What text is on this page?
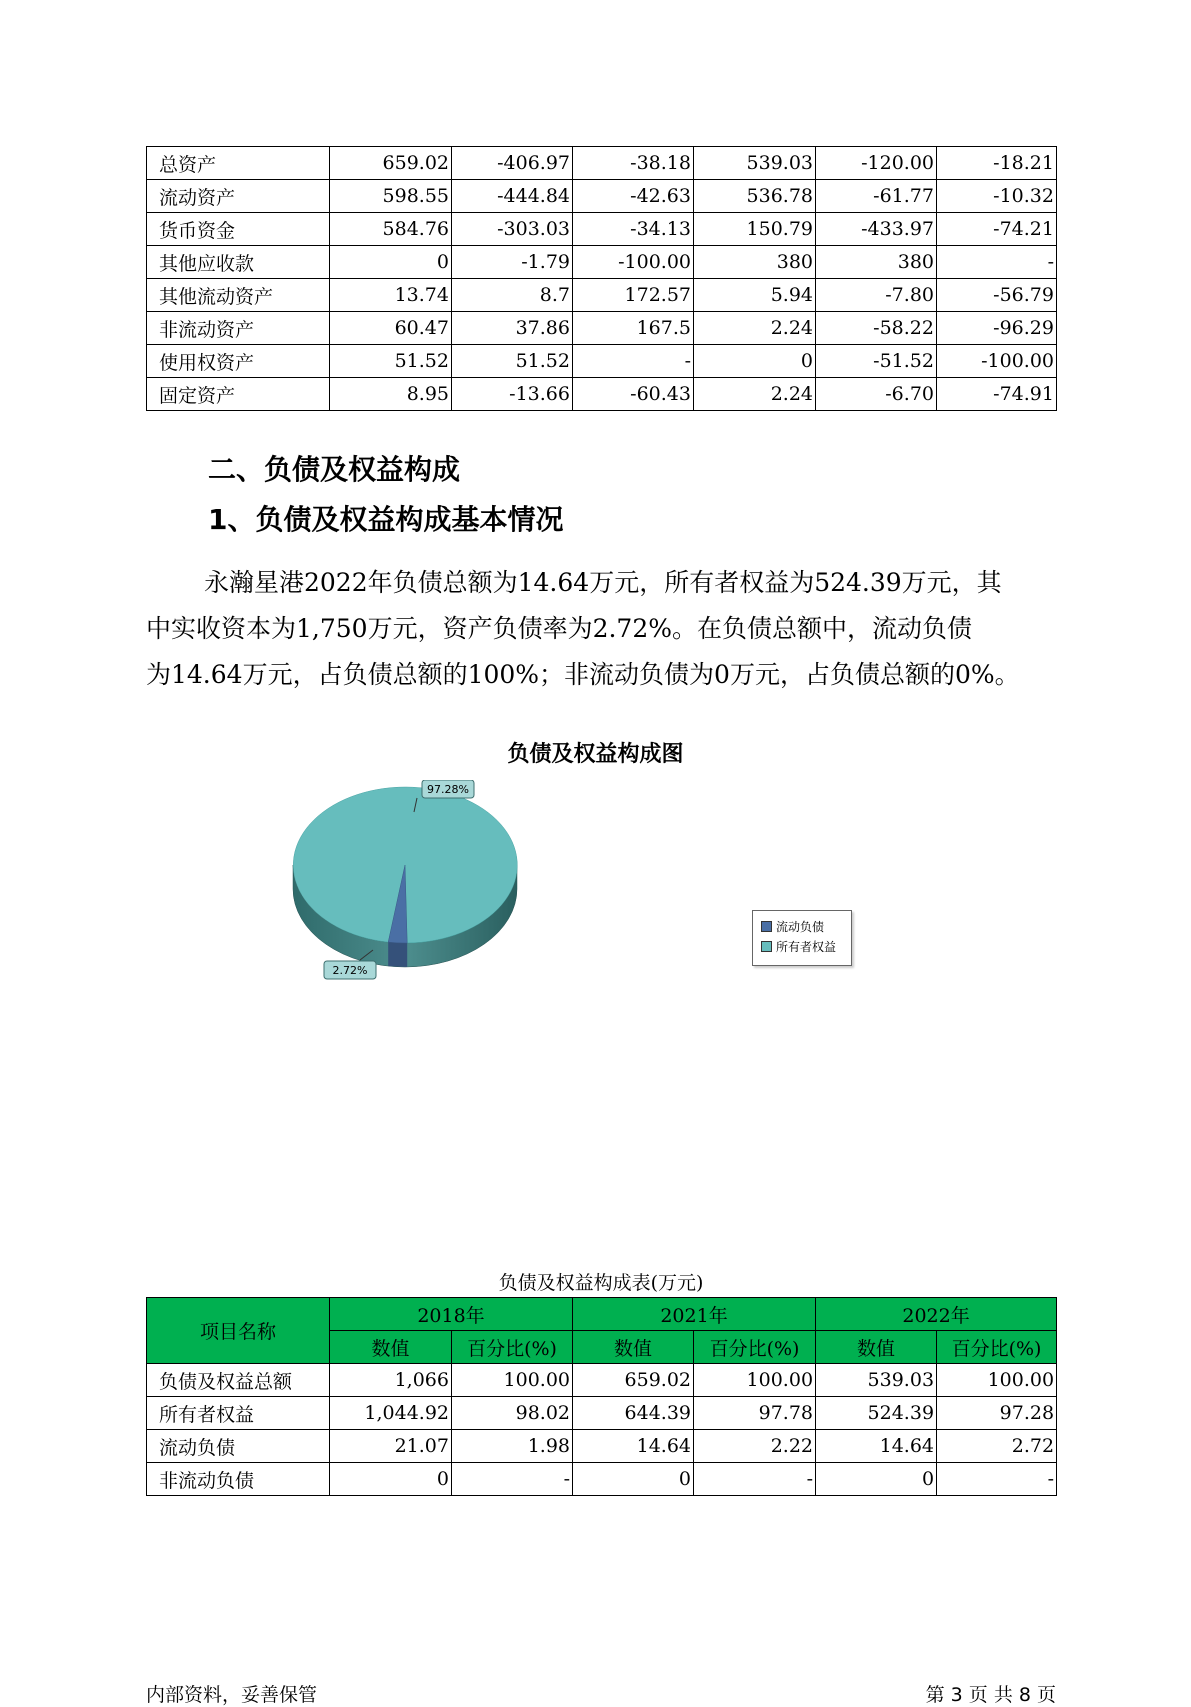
总资产	659.02	-406.97	-38.18	539.03	-120.00	-18.21
流动资产	598.55	-444.84	-42.63	536.78	-61.77	-10.32
货币资金	584.76	-303.03	-34.13	150.79	-433.97	-74.21
其他应收款	0	-1.79	-100.00	380	380	-
其他流动资产	13.74	8.7	172.57	5.94	-7.80	-56.79
非流动资产	60.47	37.86	167.5	2.24	-58.22	-96.29
使用权资产	51.52	51.52	-	0	-51.52	-100.00
固定资产	8.95	-13.66	-60.43	2.24	-6.70	-74.91
二、负债及权益构成
1、负债及权益构成基本情况
永瀚星港2022年负债总额为14.64万元，所有者权益为524.39万元，其
中实收资本为1,750万元，资产负债率为2.72%。在负债总额中，流动负债
为14.64万元，占负债总额的100%；非流动负债为0万元，占负债总额的0%。
负债及权益构成图
97.28%
2.72%
流动负债
所有者权益
负债及权益构成表(万元)
项目名称	2018年		2021年		2022年	
	数值	百分比(%)	数值	百分比(%)	数值	百分比(%)
负债及权益总额	1,066	100.00	659.02	100.00	539.03	100.00
所有者权益	1,044.92	98.02	644.39	97.78	524.39	97.28
流动负债	21.07	1.98	14.64	2.22	14.64	2.72
非流动负债	0	-	0	-	0	-
内部资料，妥善保管	第 3 页 共 8 页
